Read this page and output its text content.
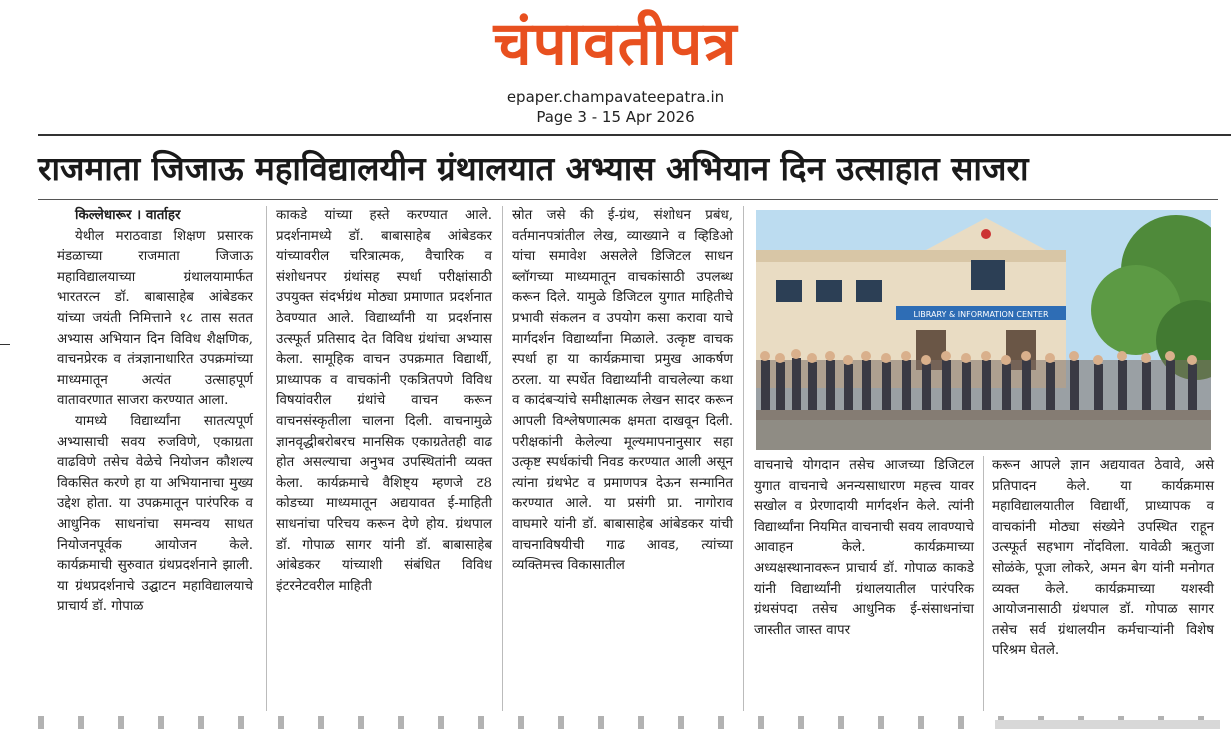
चंपावतीपत्र
epaper.champavateepatra.in
Page 3 - 15 Apr 2026
राजमाता जिजाऊ महाविद्यालयीन ग्रंथालयात अभ्यास अभियान दिन उत्साहात साजरा

किल्लेधारूर । वार्ताहर

येथील मराठवाडा शिक्षण प्रसारक मंडळाच्या राजमाता जिजाऊ महाविद्यालयाच्या ग्रंथालयामार्फत भारतरत्न डॉ. बाबासाहेब आंबेडकर यांच्या जयंती निमित्ताने १८ तास सतत अभ्यास अभियान दिन विविध शैक्षणिक, वाचनप्रेरक व तंत्रज्ञानाधारित उपक्रमांच्या माध्यमातून अत्यंत उत्साहपूर्ण वातावरणात साजरा करण्यात आला.

यामध्ये विद्यार्थ्यांना सातत्यपूर्ण अभ्यासाची सवय रुजविणे, एकाग्रता वाढविणे तसेच वेळेचे नियोजन कौशल्य विकसित करणे हा या अभियानाचा मुख्य उद्देश होता. या उपक्रमातून पारंपरिक व आधुनिक साधनांचा समन्वय साधत नियोजनपूर्वक आयोजन केले. कार्यक्रमाची सुरुवात ग्रंथप्रदर्शनाने झाली. या ग्रंथप्रदर्शनाचे उद्घाटन महाविद्यालयाचे प्राचार्य डॉ. गोपाळ

काकडे यांच्या हस्ते करण्यात आले. प्रदर्शनामध्ये डॉ. बाबासाहेब आंबेडकर यांच्यावरील चरित्रात्मक, वैचारिक व संशोधनपर ग्रंथांसह स्पर्धा परीक्षांसाठी उपयुक्त संदर्भग्रंथ मोठ्या प्रमाणात प्रदर्शनात ठेवण्यात आले. विद्यार्थ्यांनी या प्रदर्शनास उत्स्फूर्त प्रतिसाद देत विविध ग्रंथांचा अभ्यास केला. सामूहिक वाचन उपक्रमात विद्यार्थी, प्राध्यापक व वाचकांनी एकत्रितपणे विविध विषयांवरील ग्रंथांचे वाचन करून वाचनसंस्कृतीला चालना दिली. वाचनामुळे ज्ञानवृद्धीबरोबरच मानसिक एकाग्रतेतही वाढ होत असल्याचा अनुभव उपस्थितांनी व्यक्त केला. कार्यक्रमाचे वैशिष्ट्य म्हणजे ट8 कोडच्या माध्यमातून अद्ययावत ई-माहिती साधनांचा परिचय करून देणे होय. ग्रंथपाल डॉ. गोपाळ सागर यांनी डॉ. बाबासाहेब आंबेडकर यांच्याशी संबंधित विविध इंटरनेटवरील माहिती

स्रोत जसे की ई-ग्रंथ, संशोधन प्रबंध, वर्तमानपत्रांतील लेख, व्याख्याने व व्हिडिओ यांचा समावेश असलेले डिजिटल साधन ब्लॉगच्या माध्यमातून वाचकांसाठी उपलब्ध करून दिले. यामुळे डिजिटल युगात माहितीचे प्रभावी संकलन व उपयोग कसा करावा याचे मार्गदर्शन विद्यार्थ्यांना मिळाले. उत्कृष्ट वाचक स्पर्धा हा या कार्यक्रमाचा प्रमुख आकर्षण ठरला. या स्पर्धेत विद्यार्थ्यांनी वाचलेल्या कथा व कादंबऱ्यांचे समीक्षात्मक लेखन सादर करून आपली विश्लेषणात्मक क्षमता दाखवून दिली. परीक्षकांनी केलेल्या मूल्यमापनानुसार सहा उत्कृष्ट स्पर्धकांची निवड करण्यात आली असून त्यांना ग्रंथभेट व प्रमाणपत्र देऊन सन्मानित करण्यात आले. या प्रसंगी प्रा. नागोराव वाघमारे यांनी डॉ. बाबासाहेब आंबेडकर यांची वाचनाविषयीची गाढ आवड, त्यांच्या व्यक्तिमत्त्व विकासातील

LIBRARY & INFORMATION CENTER

वाचनाचे योगदान तसेच आजच्या डिजिटल युगात वाचनाचे अनन्यसाधारण महत्त्व यावर सखोल व प्रेरणादायी मार्गदर्शन केले. त्यांनी विद्यार्थ्यांना नियमित वाचनाची सवय लावण्याचे आवाहन केले. कार्यक्रमाच्या अध्यक्षस्थानावरून प्राचार्य डॉ. गोपाळ काकडे यांनी विद्यार्थ्यांनी ग्रंथालयातील पारंपरिक ग्रंथसंपदा तसेच आधुनिक ई-संसाधनांचा जास्तीत जास्त वापर

करून आपले ज्ञान अद्ययावत ठेवावे, असे प्रतिपादन केले. या कार्यक्रमास महाविद्यालयातील विद्यार्थी, प्राध्यापक व वाचकांनी मोठ्या संख्येने उपस्थित राहून उत्स्फूर्त सहभाग नोंदविला. यावेळी ऋतुजा सोळंके, पूजा लोकरे, अमन बेग यांनी मनोगत व्यक्त केले. कार्यक्रमाच्या यशस्वी आयोजनासाठी ग्रंथपाल डॉ. गोपाळ सागर तसेच सर्व ग्रंथालयीन कर्मचाऱ्यांनी विशेष परिश्रम घेतले.
